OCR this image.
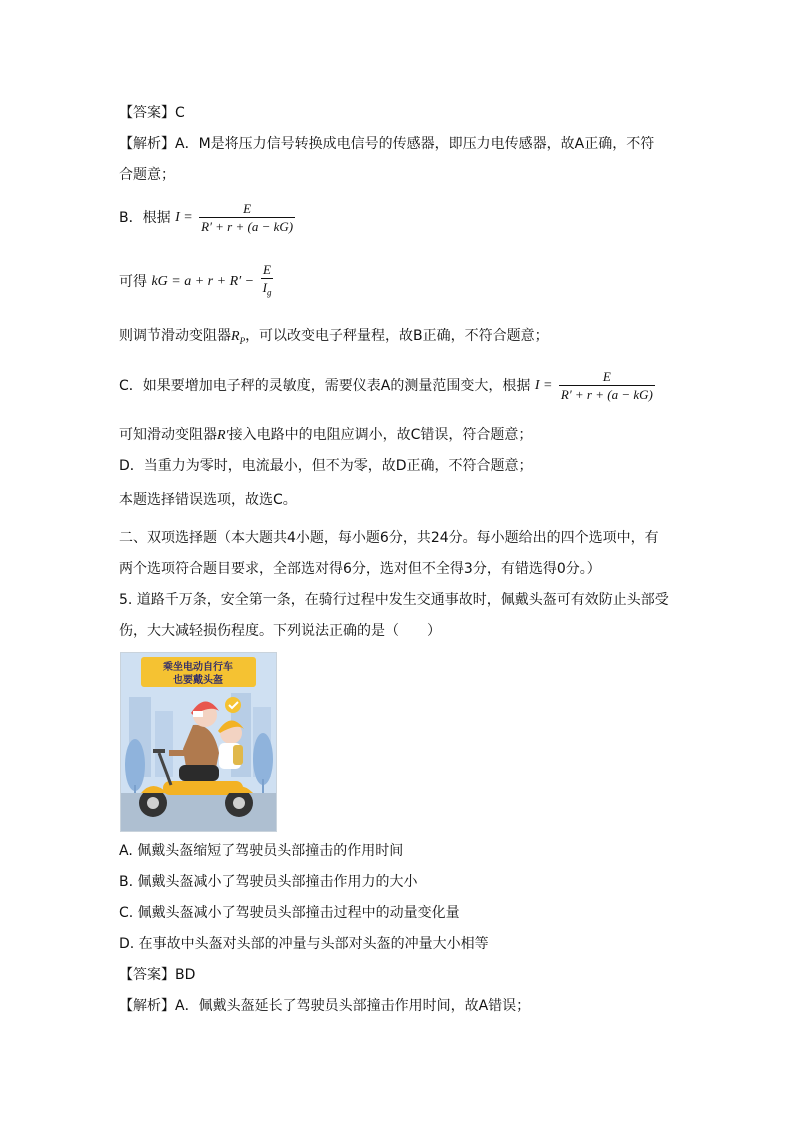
【答案】C
【解析】A．M是将压力信号转换成电信号的传感器，即压力电传感器，故A正确，不符
合题意；
B．根据 $I = \frac{E}{R' + r + (a - kG)}$
可得 kG = $a + r + R' - \frac{E}{I_g}$
则调节滑动变阻器$R_P$，可以改变电子秤量程，故B正确，不符合题意；
C．如果要增加电子秤的灵敏度，需要仪表A的测量范围变大，根据 $I = \frac{E}{R' + r + (a - kG)}$
可知滑动变阻器R′接入电路中的电阻应调小，故C错误，符合题意；
D．当重力为零时，电流最小，但不为零，故D正确，不符合题意；
本题选择错误选项，故选C。
二、双项选择题（本大题共4小题，每小题6分，共24分。每小题给出的四个选项中，有
两个选项符合题目要求，全部选对得6分，选对但不全得3分，有错选得0分。）
5. 道路千万条，安全第一条，在骑行过程中发生交通事故时，佩戴头盔可有效防止头部受
伤，大大减轻损伤程度。下列说法正确的是（　　）
乘坐电动自行车
也要戴头盔
A. 佩戴头盔缩短了驾驶员头部撞击的作用时间
B. 佩戴头盔减小了驾驶员头部撞击作用力的大小
C. 佩戴头盔减小了驾驶员头部撞击过程中的动量变化量
D. 在事故中头盔对头部的冲量与头部对头盔的冲量大小相等
【答案】BD
【解析】A．佩戴头盔延长了驾驶员头部撞击作用时间，故A错误；
